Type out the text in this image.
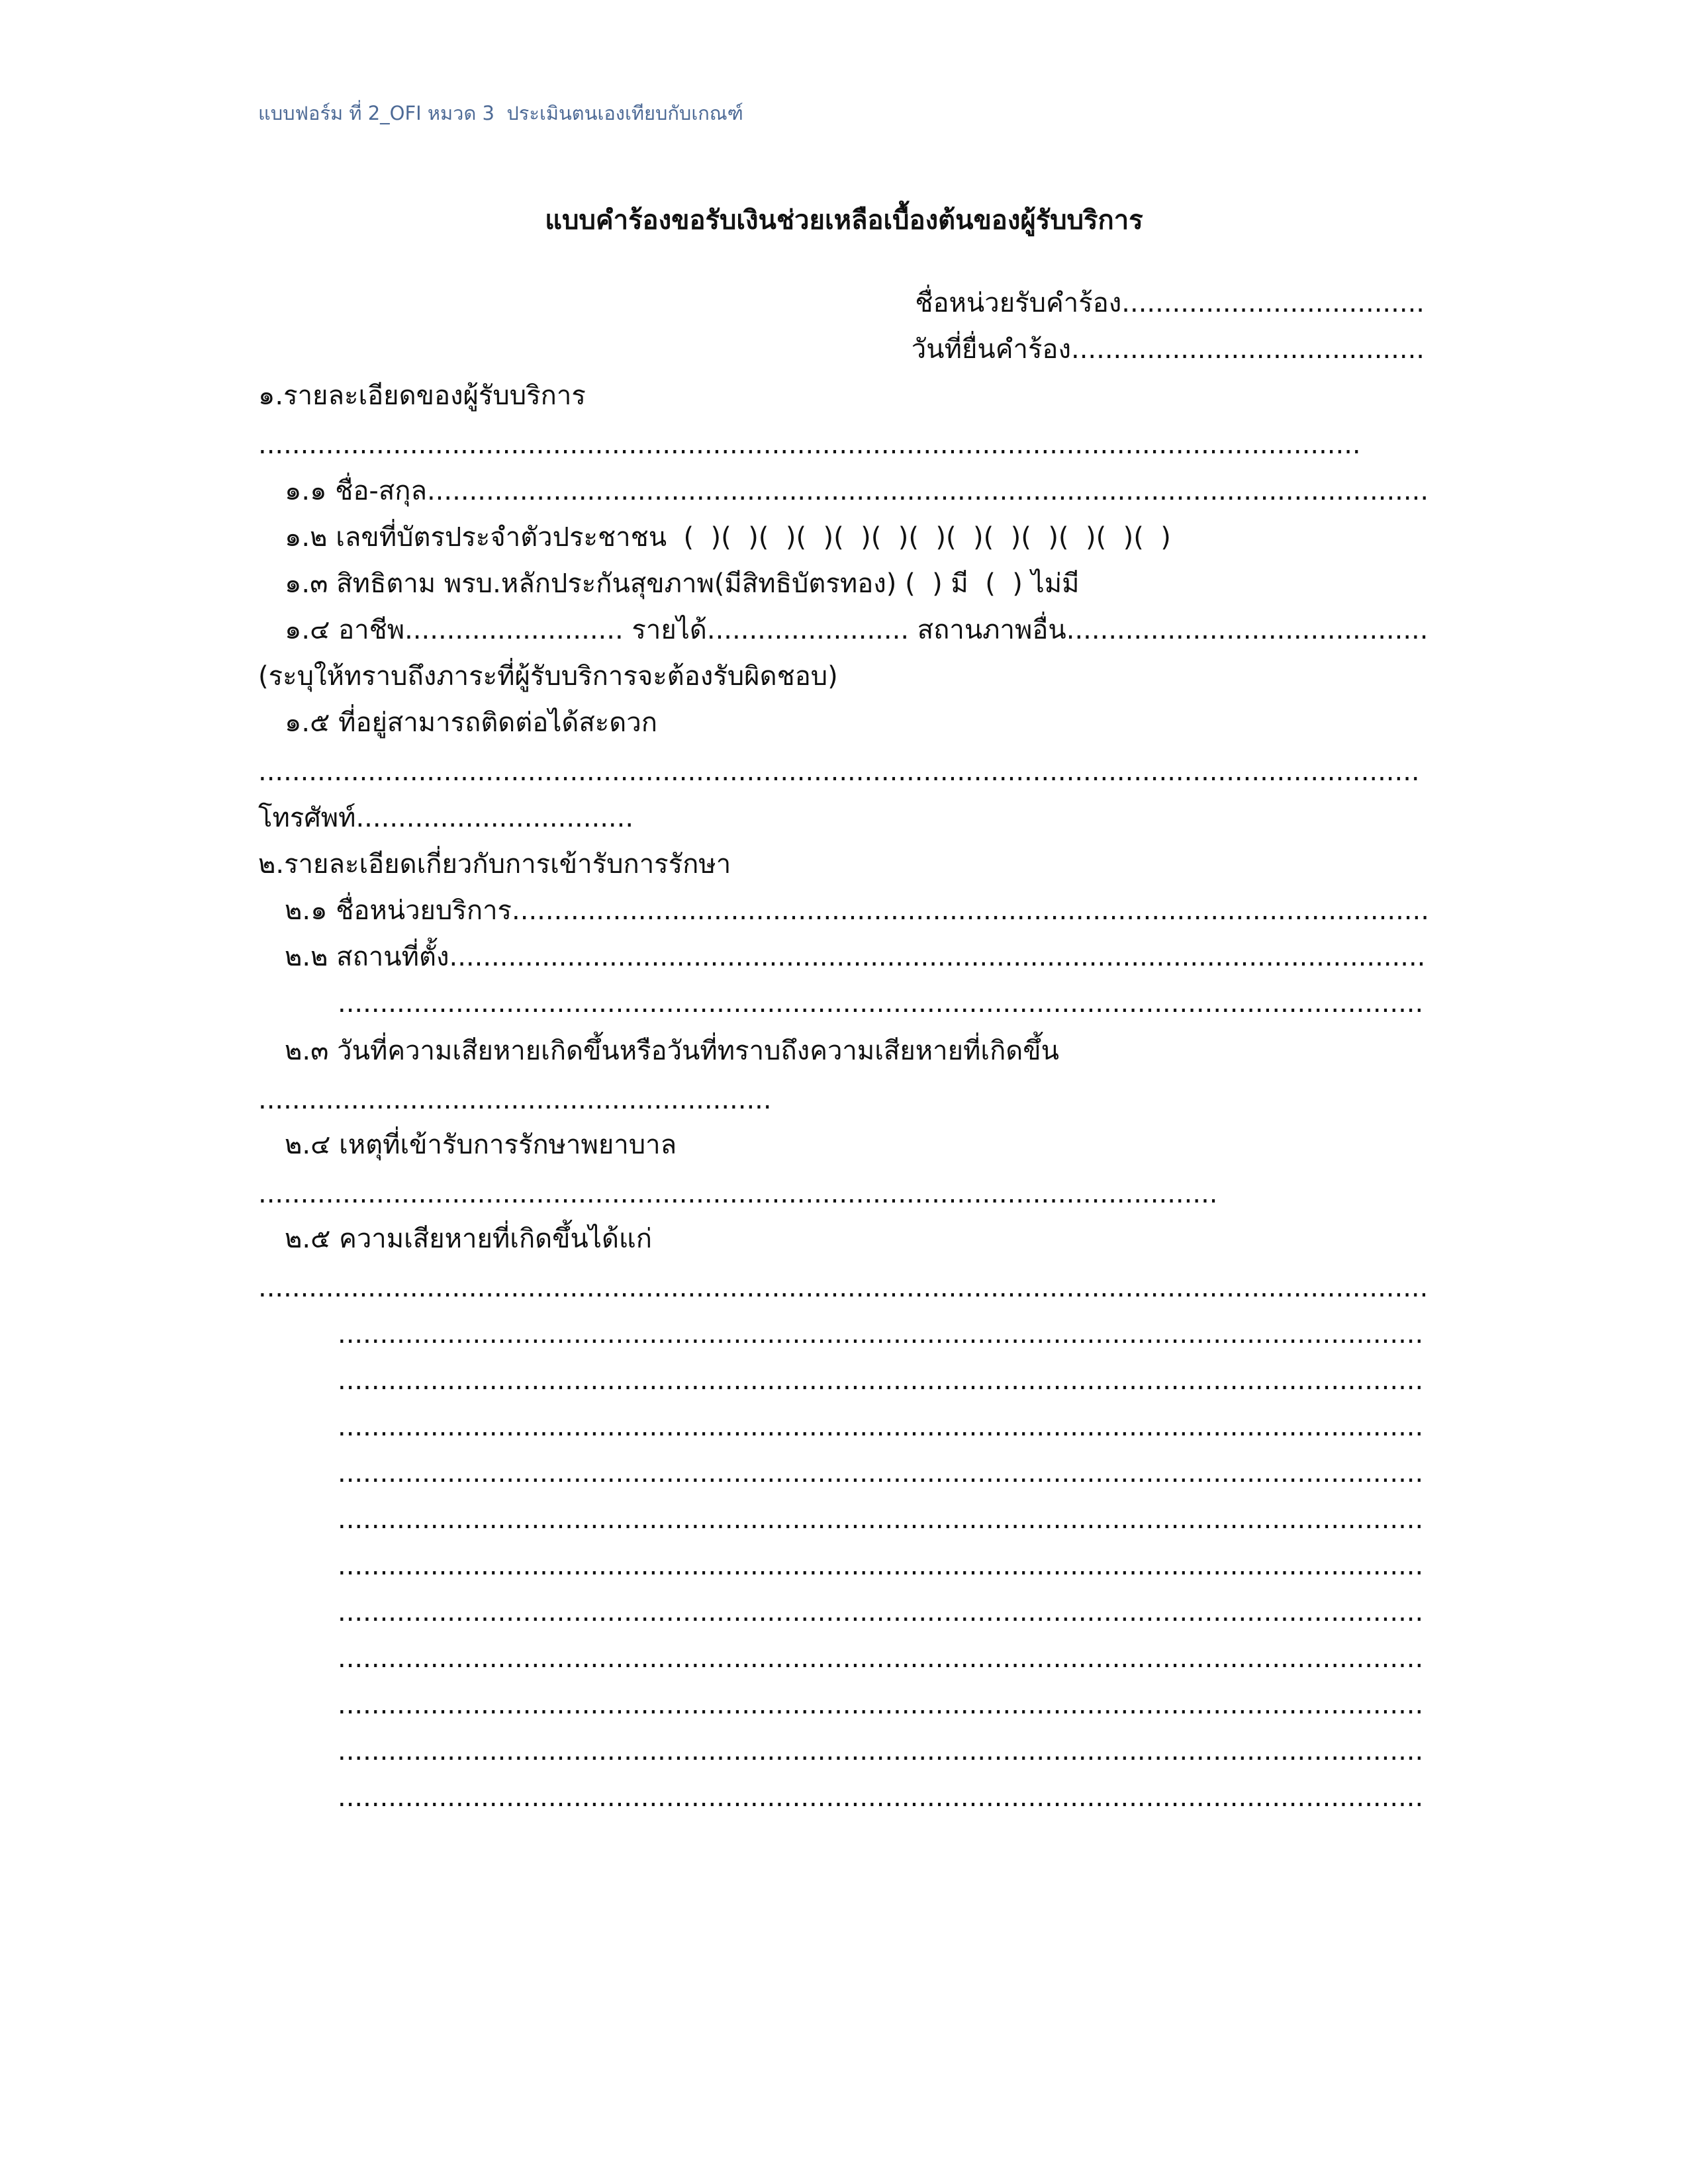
แบบฟอร์ม ที่ 2_OFI หมวด 3  ประเมินตนเองเทียบกับเกณฑ์
แบบคำร้องขอรับเงินช่วยเหลือเบื้องต้นของผู้รับบริการ
ชื่อหน่วยรับคำร้อง....................................
วันที่ยื่นคำร้อง..........................................
๑.รายละเอียดของผู้รับบริการ
...................................................................................................................................
๑.๑ ชื่อ-สกุล.......................................................................................................................
๑.๒ เลขที่บัตรประจำตัวประชาชน  (  )(  )(  )(  )(  )(  )(  )(  )(  )(  )(  )(  )(  )
๑.๓ สิทธิตาม พรบ.หลักประกันสุขภาพ(มีสิทธิบัตรทอง) (  ) มี  (  ) ไม่มี
๑.๔ อาชีพ.......................... รายได้........................ สถานภาพอื่น...........................................
(ระบุให้ทราบถึงภาระที่ผู้รับบริการจะต้องรับผิดชอบ)
๑.๕ ที่อยู่สามารถติดต่อได้สะดวก
..........................................................................................................................................
โทรศัพท์.................................
๒.รายละเอียดเกี่ยวกับการเข้ารับการรักษา
๒.๑ ชื่อหน่วยบริการ.............................................................................................................
๒.๒ สถานที่ตั้ง....................................................................................................................
.................................................................................................................................
๒.๓ วันที่ความเสียหายเกิดขึ้นหรือวันที่ทราบถึงความเสียหายที่เกิดขึ้น
.............................................................
๒.๔ เหตุที่เข้ารับการรักษาพยาบาล
..................................................................................................................
๒.๕ ความเสียหายที่เกิดขึ้นได้แก่
...........................................................................................................................................
.................................................................................................................................
.................................................................................................................................
.................................................................................................................................
.................................................................................................................................
.................................................................................................................................
.................................................................................................................................
.................................................................................................................................
.................................................................................................................................
.................................................................................................................................
.................................................................................................................................
.................................................................................................................................
